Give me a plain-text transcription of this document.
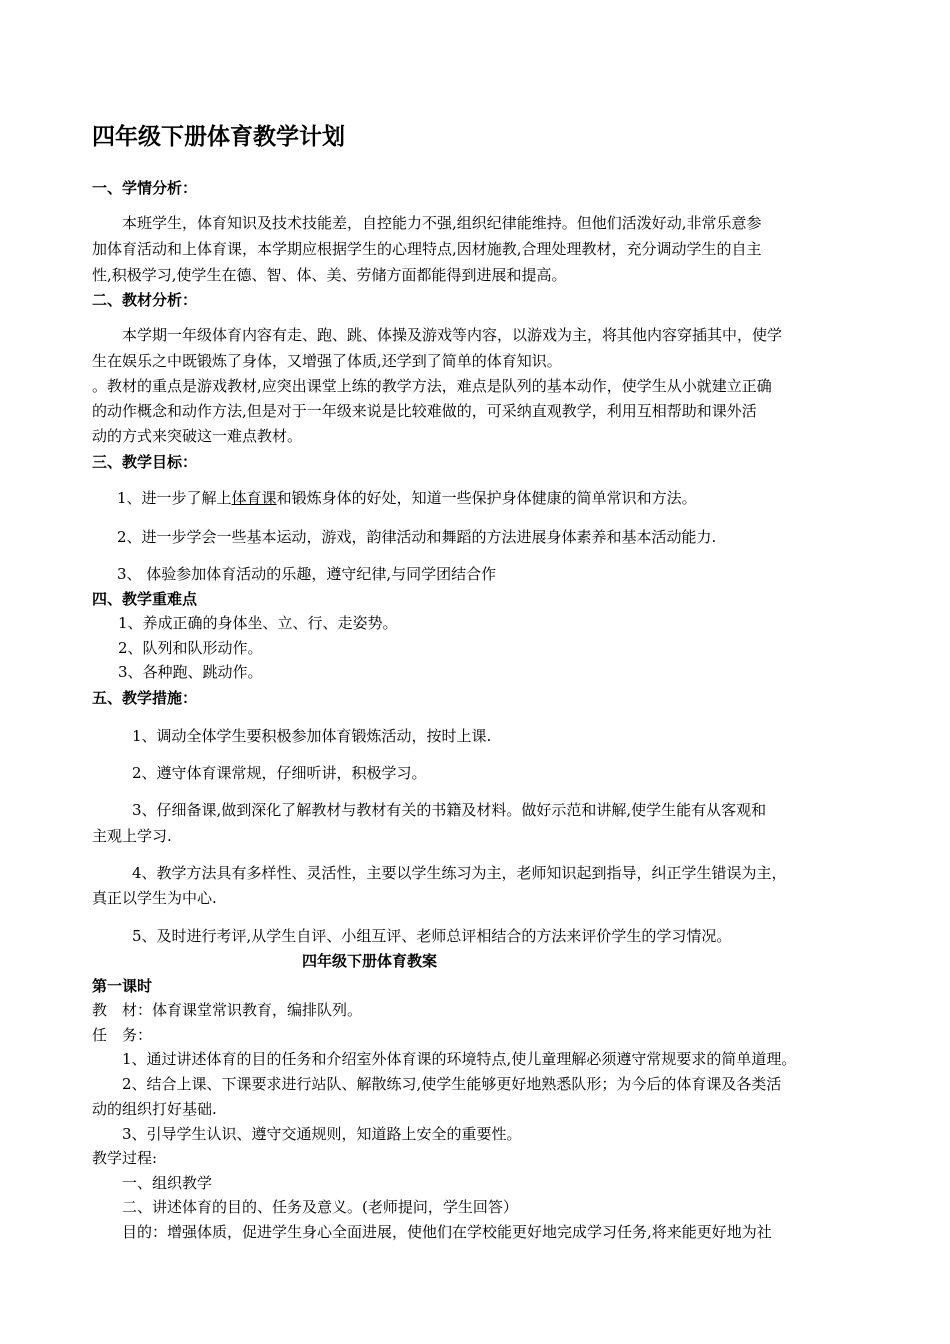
四年级下册体育教学计划
一、学情分析：
本班学生，体育知识及技术技能差，自控能力不强,组织纪律能维持。但他们活泼好动,非常乐意参
加体育活动和上体育课，本学期应根据学生的心理特点,因材施教,合理处理教材，充分调动学生的自主
性,积极学习,使学生在德、智、体、美、劳储方面都能得到进展和提高。
二、教材分析：
本学期一年级体育内容有走、跑、跳、体操及游戏等内容，以游戏为主，将其他内容穿插其中，使学
生在娱乐之中既锻炼了身体，又增强了体质,还学到了简单的体育知识。
。教材的重点是游戏教材,应突出课堂上练的教学方法，难点是队列的基本动作，使学生从小就建立正确
的动作概念和动作方法,但是对于一年级来说是比较难做的，可采纳直观教学，利用互相帮助和课外活
动的方式来突破这一难点教材。
三、教学目标：
1、进一步了解上体育课和锻炼身体的好处，知道一些保护身体健康的简单常识和方法。
2、进一步学会一些基本运动，游戏，韵律活动和舞蹈的方法进展身体素养和基本活动能力.
3、 体验参加体育活动的乐趣，遵守纪律,与同学团结合作
四、教学重难点
1、养成正确的身体坐、立、行、走姿势。
2、队列和队形动作。
3、各种跑、跳动作。
五、教学措施：
1、调动全体学生要积极参加体育锻炼活动，按时上课.
2、遵守体育课常规，仔细听讲，积极学习。
3、仔细备课,做到深化了解教材与教材有关的书籍及材料。做好示范和讲解,使学生能有从客观和
主观上学习.
4、教学方法具有多样性、灵活性，主要以学生练习为主，老师知识起到指导，纠正学生错误为主，
真正以学生为中心.
5、及时进行考评,从学生自评、小组互评、老师总评相结合的方法来评价学生的学习情况。
四年级下册体育教案
第一课时
教　材：体育课堂常识教育，编排队列。
任　务：
1、通过讲述体育的目的任务和介绍室外体育课的环境特点,使儿童理解必须遵守常规要求的简单道理。
2、结合上课、下课要求进行站队、解散练习,使学生能够更好地熟悉队形；为今后的体育课及各类活
动的组织打好基础.
3、引导学生认识、遵守交通规则，知道路上安全的重要性。
教学过程:
一、组织教学
二、讲述体育的目的、任务及意义。(老师提问，学生回答）
目的：增强体质，促进学生身心全面进展，使他们在学校能更好地完成学习任务,将来能更好地为社
